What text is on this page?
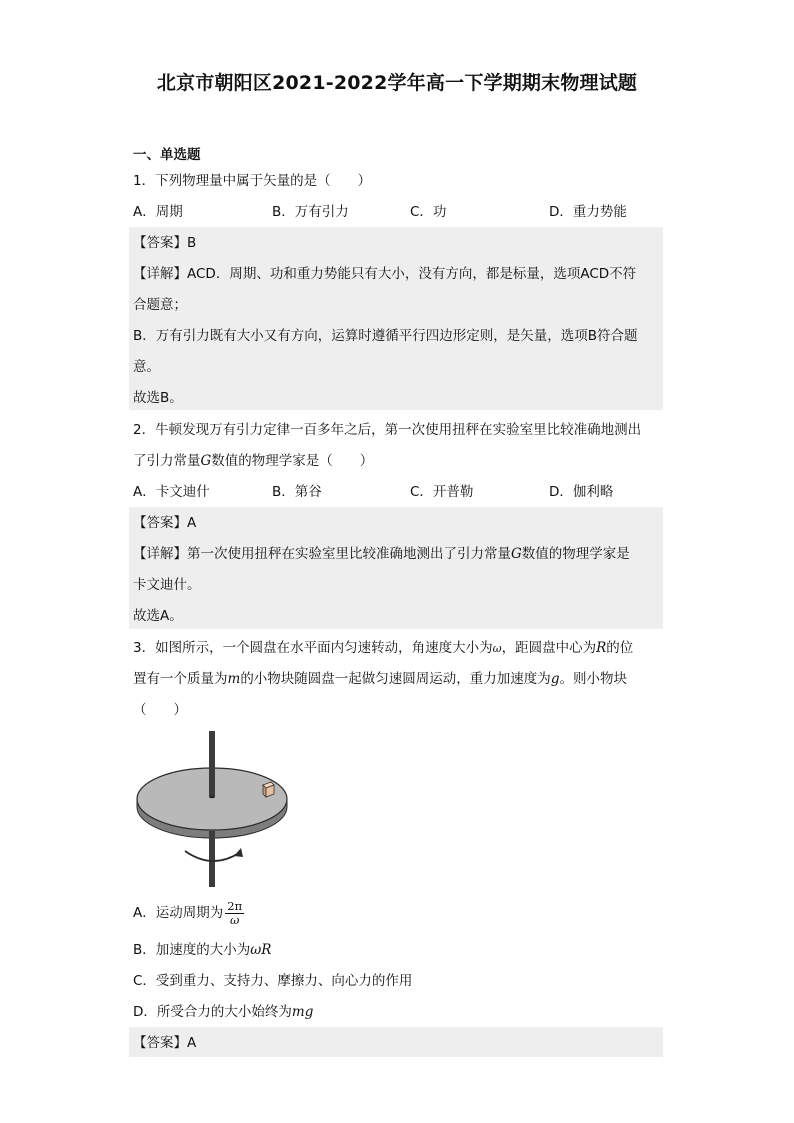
北京市朝阳区2021-2022学年高一下学期期末物理试题
一、单选题
1．下列物理量中属于矢量的是（　　）
A．周期	B．万有引力	C．功	D．重力势能
【答案】B
【详解】ACD．周期、功和重力势能只有大小，没有方向，都是标量，选项ACD不符
合题意；
B．万有引力既有大小又有方向，运算时遵循平行四边形定则，是矢量，选项B符合题
意。
故选B。
2．牛顿发现万有引力定律一百多年之后，第一次使用扭秤在实验室里比较准确地测出
了引力常量G数值的物理学家是（　　）
A．卡文迪什	B．第谷	C．开普勒	D．伽利略
【答案】A
【详解】第一次使用扭秤在实验室里比较准确地测出了引力常量G数值的物理学家是
卡文迪什。
故选A。
3．如图所示，一个圆盘在水平面内匀速转动，角速度大小为ω，距圆盘中心为R的位
置有一个质量为m的小物块随圆盘一起做匀速圆周运动，重力加速度为g。则小物块
（　　）
A．运动周期为 $\frac{2\pi}{\omega}$
B．加速度的大小为ωR
C．受到重力、支持力、摩擦力、向心力的作用
D．所受合力的大小始终为mg
【答案】A
